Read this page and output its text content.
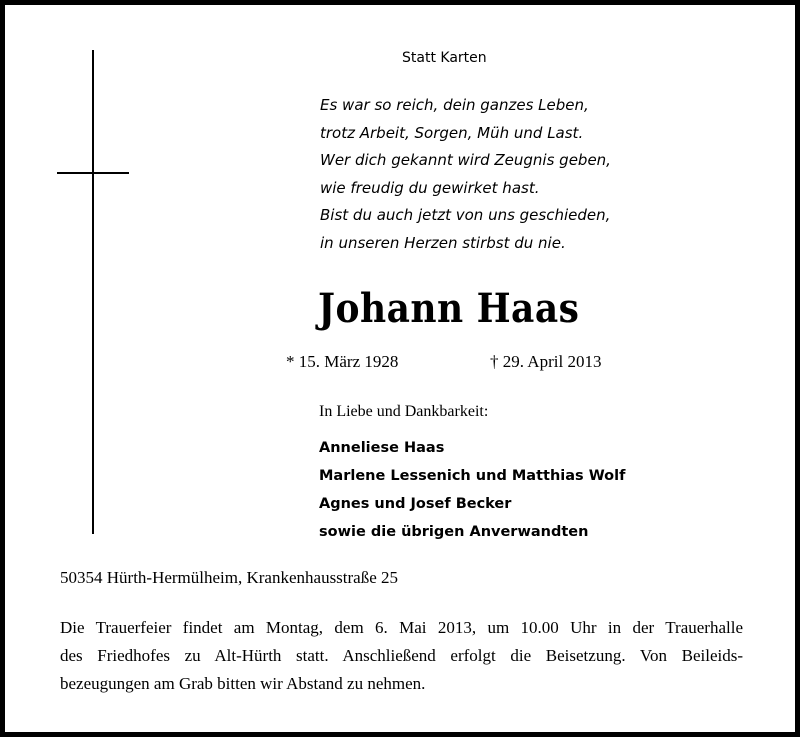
Statt Karten
Es war so reich, dein ganzes Leben,
trotz Arbeit, Sorgen, Müh und Last.
Wer dich gekannt wird Zeugnis geben,
wie freudig du gewirket hast.
Bist du auch jetzt von uns geschieden,
in unseren Herzen stirbst du nie.
Johann Haas
* 15. März 1928	† 29. April 2013
In Liebe und Dankbarkeit:
Anneliese Haas
Marlene Lessenich und Matthias Wolf
Agnes und Josef Becker
sowie die übrigen Anverwandten
50354 Hürth-Hermülheim, Krankenhausstraße 25
Die Trauerfeier findet am Montag, dem 6. Mai 2013, um 10.00 Uhr in der Trauerhalle
des Friedhofes zu Alt-Hürth statt. Anschließend erfolgt die Beisetzung. Von Beileids-
bezeugungen am Grab bitten wir Abstand zu nehmen.
